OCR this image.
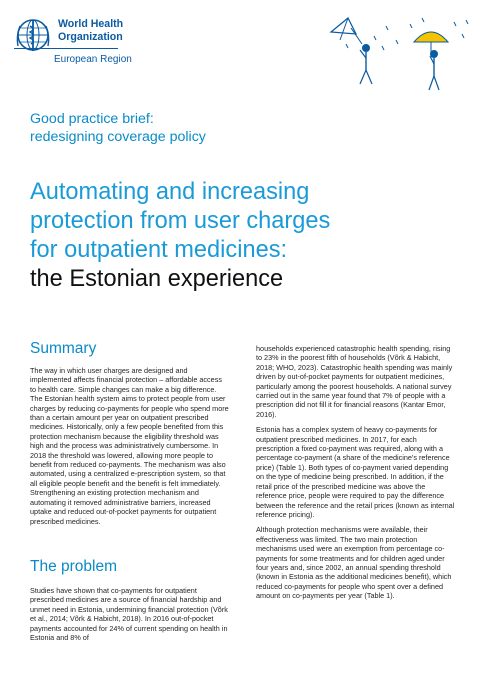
World Health
Organization
European Region
Good practice brief:
redesigning coverage policy
Automating and increasing
protection from user charges
for outpatient medicines:
the Estonian experience
Summary

The way in which user charges are designed and implemented affects financial protection – affordable access to health care. Simple changes can make a big difference. The Estonian health system aims to protect people from user charges by reducing co-payments for people who spend more than a certain amount per year on outpatient prescribed medicines. Historically, only a few people benefited from this protection mechanism because the eligibility threshold was high and the process was administratively cumbersome. In 2018 the threshold was lowered, allowing more people to benefit from reduced co-payments. The mechanism was also automated, using a centralized e-prescription system, so that all eligible people benefit and the benefit is felt immediately. Strengthening an existing protection mechanism and automating it removed administrative barriers, increased uptake and reduced out-of-pocket payments for outpatient prescribed medicines.

The problem

Studies have shown that co-payments for outpatient prescribed medicines are a source of financial hardship and unmet need in Estonia, undermining financial protection (Võrk et al., 2014; Võrk & Habicht, 2018). In 2016 out-of-pocket payments accounted for 24% of current spending on health in Estonia and 8% of

households experienced catastrophic health spending, rising to 23% in the poorest fifth of households (Võrk & Habicht, 2018; WHO, 2023). Catastrophic health spending was mainly driven by out-of-pocket payments for outpatient medicines, particularly among the poorest households. A national survey carried out in the same year found that 7% of people with a prescription did not fill it for financial reasons (Kantar Emor, 2016).

Estonia has a complex system of heavy co-payments for outpatient prescribed medicines. In 2017, for each prescription a fixed co-payment was required, along with a percentage co-payment (a share of the medicine's reference price) (Table 1). Both types of co-payment varied depending on the type of medicine being prescribed. In addition, if the retail price of the prescribed medicine was above the reference price, people were required to pay the difference between the reference and the retail prices (known as internal reference pricing).

Although protection mechanisms were available, their effectiveness was limited. The two main protection mechanisms used were an exemption from percentage co-payments for some treatments and for children aged under four years and, since 2002, an annual spending threshold (known in Estonia as the additional medicines benefit), which reduced co-payments for people who spent over a defined amount on co-payments per year (Table 1).
